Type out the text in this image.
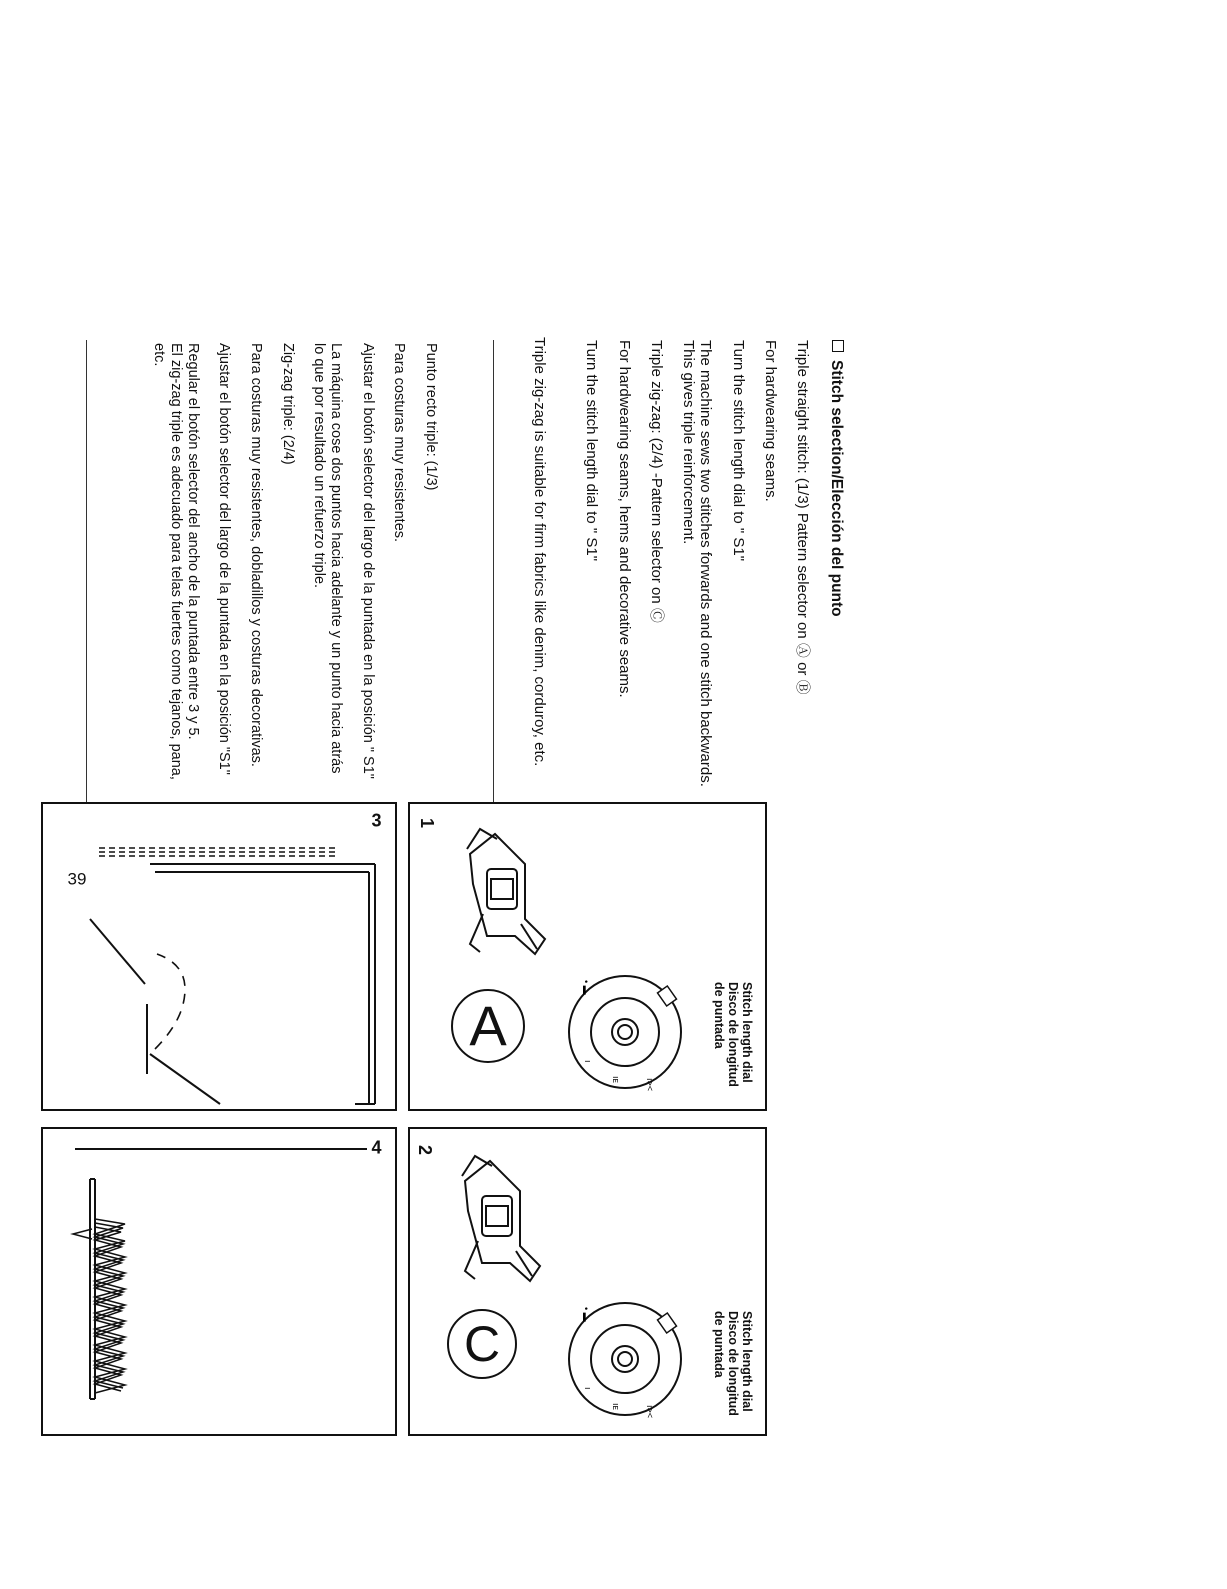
Stitch selection/Elección del punto

Triple straight stitch: (1/3) Pattern selector on Ⓐ or Ⓑ

For hardwearing seams.

Turn the stitch length dial to " S1"

The machine sews two stitches forwards and one stitch backwards.

This gives triple reinforcement.

Triple zig-zag: (2/4) -Pattern selector on Ⓒ

For hardwearing seams, hems and decorative seams.

Turn the stitch length dial to " S1"

Triple zig-zag is suitable for firm fabrics like denim, corduroy, etc.

Punto recto triple: (1/3)

Para costuras muy resistentes.

Ajustar el botón selector del largo de la puntada en la posición " S1"

La máquina cose dos puntos hacia adelante y un punto hacia atrás

lo que por resultado un refuerzo triple.

Zig-zag triple: (2/4)

Para costuras muy resistentes, dobladillos y costuras decorativas.

Ajustar el botón selector del largo de la puntada en la posición "S1"

Regular el botón selector del ancho de la puntada entre 3 y 5.

El zig-zag triple es adecuado para telas fuertes como tejanos, pana,

etc.

1
Stitch length dial
Disco de longitud
de puntada
• ▬
ı
ıᴇ	ı><
A
2
Stitch length dial
Disco de longitud
de puntada
• ▬
ı
ıᴇ	ı><
C
3
4
39
